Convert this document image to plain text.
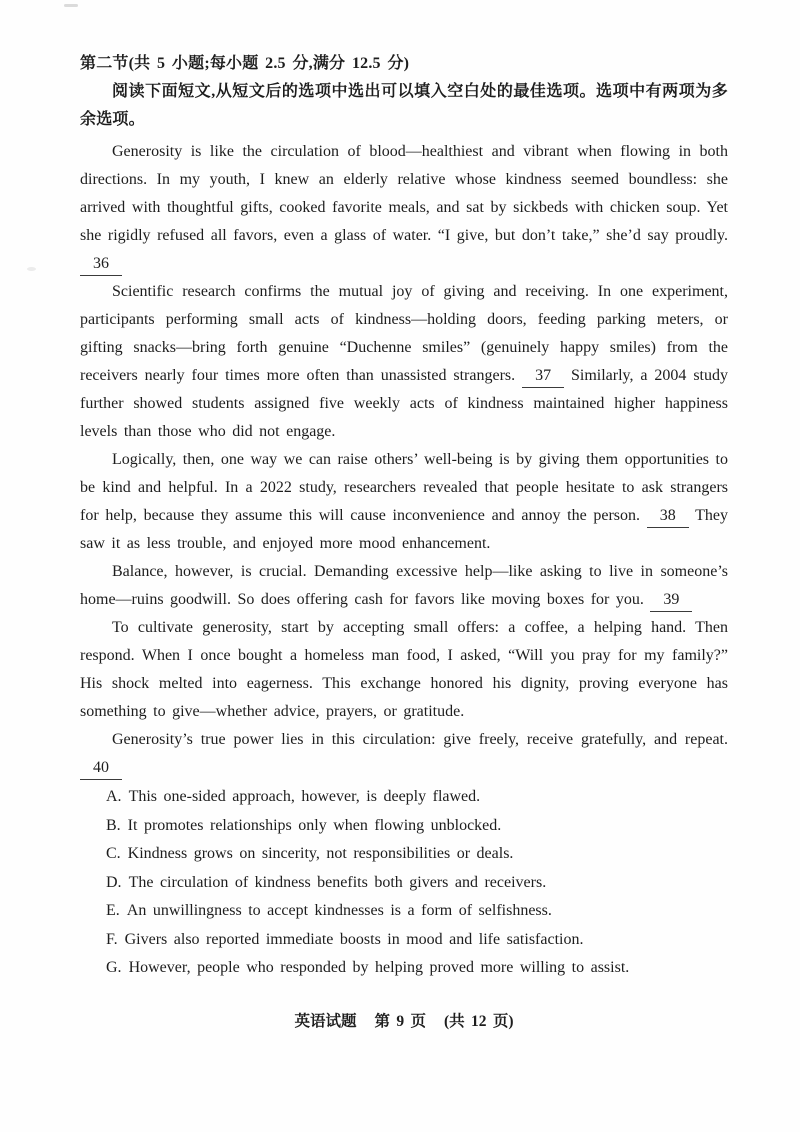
第二节(共 5 小题;每小题 2.5 分,满分 12.5 分)

阅读下面短文,从短文后的选项中选出可以填入空白处的最佳选项。选项中有两项为多余选项。

Generosity is like the circulation of blood—healthiest and vibrant when flowing in both directions. In my youth, I knew an elderly relative whose kindness seemed boundless: she arrived with thoughtful gifts, cooked favorite meals, and sat by sickbeds with chicken soup. Yet she rigidly refused all favors, even a glass of water. “I give, but don’t take,” she’d say proudly. 36

Scientific research confirms the mutual joy of giving and receiving. In one experiment, participants performing small acts of kindness—holding doors, feeding parking meters, or gifting snacks—bring forth genuine “Duchenne smiles” (genuinely happy smiles) from the receivers nearly four times more often than unassisted strangers. 37 Similarly, a 2004 study further showed students assigned five weekly acts of kindness maintained higher happiness levels than those who did not engage.

Logically, then, one way we can raise others’ well-being is by giving them opportunities to be kind and helpful. In a 2022 study, researchers revealed that people hesitate to ask strangers for help, because they assume this will cause inconvenience and annoy the person. 38 They saw it as less trouble, and enjoyed more mood enhancement.

Balance, however, is crucial. Demanding excessive help—like asking to live in someone’s home—ruins goodwill. So does offering cash for favors like moving boxes for you. 39

To cultivate generosity, start by accepting small offers: a coffee, a helping hand. Then respond. When I once bought a homeless man food, I asked, “Will you pray for my family?” His shock melted into eagerness. This exchange honored his dignity, proving everyone has something to give—whether advice, prayers, or gratitude.

Generosity’s true power lies in this circulation: give freely, receive gratefully, and repeat. 40

A. This one-sided approach, however, is deeply flawed.
B. It promotes relationships only when flowing unblocked.
C. Kindness grows on sincerity, not responsibilities or deals.
D. The circulation of kindness benefits both givers and receivers.
E. An unwillingness to accept kindnesses is a form of selfishness.
F. Givers also reported immediate boosts in mood and life satisfaction.
G. However, people who responded by helping proved more willing to assist.
英语试题 第 9 页 (共 12 页)
